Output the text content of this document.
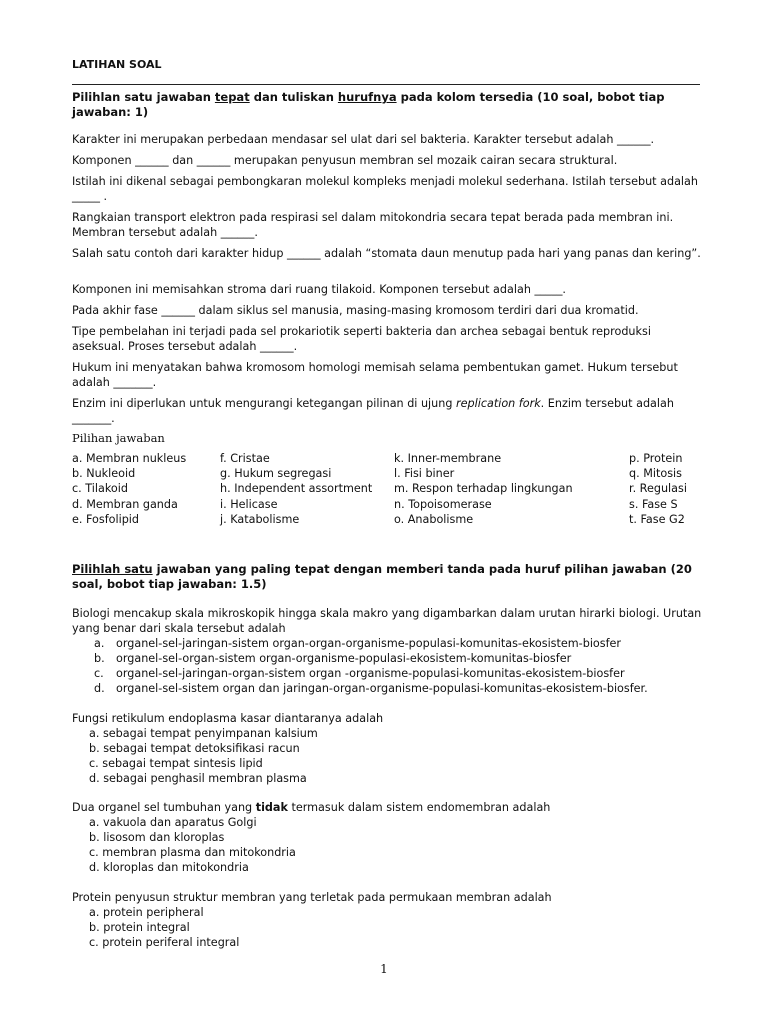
LATIHAN SOAL
Pilihlan satu jawaban tepat dan tuliskan hurufnya pada kolom tersedia (10 soal, bobot tiap jawaban: 1)
Karakter ini merupakan perbedaan mendasar sel ulat dari sel bakteria. Karakter tersebut adalah ______.
Komponen ______ dan ______ merupakan penyusun membran sel mozaik cairan secara struktural.
Istilah ini dikenal sebagai pembongkaran molekul kompleks menjadi molekul sederhana. Istilah tersebut adalah _____ .
Rangkaian transport elektron pada respirasi sel dalam mitokondria secara tepat berada pada membran ini. Membran tersebut adalah ______.
Salah satu contoh dari karakter hidup ______ adalah “stomata daun menutup pada hari yang panas dan kering”.
Komponen ini memisahkan stroma dari ruang tilakoid. Komponen tersebut adalah _____.
Pada akhir fase ______ dalam siklus sel manusia, masing-masing kromosom terdiri dari dua kromatid.
Tipe pembelahan ini terjadi pada sel prokariotik seperti bakteria dan archea sebagai bentuk reproduksi aseksual. Proses tersebut adalah ______.
Hukum ini menyatakan bahwa kromosom homologi memisah selama pembentukan gamet. Hukum tersebut adalah _______.
Enzim ini diperlukan untuk mengurangi ketegangan pilinan di ujung replication fork. Enzim tersebut adalah _______.
Pilihan jawaban
a. Membran nukleus
b. Nukleoid
c. Tilakoid
d. Membran ganda
e. Fosfolipid
f. Cristae
g. Hukum segregasi
h. Independent assortment
i. Helicase
j. Katabolisme
k. Inner-membrane
l. Fisi biner
m. Respon terhadap lingkungan
n. Topoisomerase
o. Anabolisme
p. Protein
q. Mitosis
r. Regulasi
s. Fase S
t. Fase G2
Pilihlah satu jawaban yang paling tepat dengan memberi tanda pada huruf pilihan jawaban (20 soal, bobot tiap jawaban: 1.5)
Biologi mencakup skala mikroskopik hingga skala makro yang digambarkan dalam urutan hirarki biologi. Urutan yang benar dari skala tersebut adalah
a. organel-sel-jaringan-sistem organ-organ-organisme-populasi-komunitas-ekosistem-biosfer
b. organel-sel-organ-sistem organ-organisme-populasi-ekosistem-komunitas-biosfer
c. organel-sel-jaringan-organ-sistem organ -organisme-populasi-komunitas-ekosistem-biosfer
d. organel-sel-sistem organ dan jaringan-organ-organisme-populasi-komunitas-ekosistem-biosfer.
Fungsi retikulum endoplasma kasar diantaranya adalah
a. sebagai tempat penyimpanan kalsium
b. sebagai tempat detoksifikasi racun
c. sebagai tempat sintesis lipid
d. sebagai penghasil membran plasma
Dua organel sel tumbuhan yang tidak termasuk dalam sistem endomembran adalah
a. vakuola dan aparatus Golgi
b. lisosom dan kloroplas
c. membran plasma dan mitokondria
d. kloroplas dan mitokondria
Protein penyusun struktur membran yang terletak pada permukaan membran adalah
a. protein peripheral
b. protein integral
c. protein periferal integral
1
